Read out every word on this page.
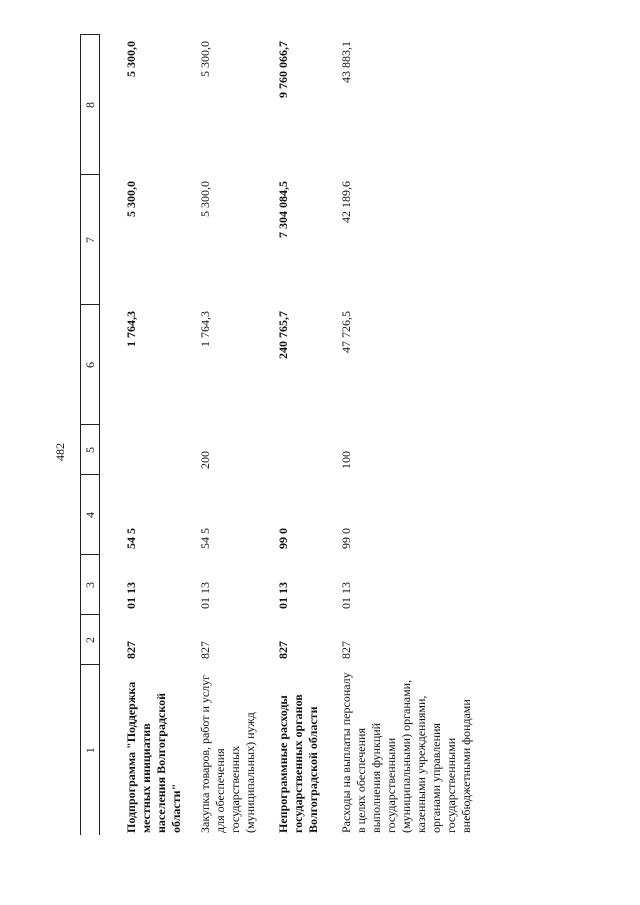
482
1	2	3	4	5	6	7	8
Подпрограмма "Поддержка местных инициатив населения Волгоградской области"	827	01 13	54 5		1 764,3	5 300,0	5 300,0
Закупка товаров, работ и услуг для обеспечения государственных (муниципальных) нужд	827	01 13	54 5	200	1 764,3	5 300,0	5 300,0
Непрограммные расходы государственных органов Волгоградской области	827	01 13	99 0		240 765,7	7 304 084,5	9 760 066,7
Расходы на выплаты персоналу в целях обеспечения выполнения функций государственными (муниципальными) органами, казенными учреждениями, органами управления государственными внебюджетными фондами	827	01 13	99 0	100	47 726,5	42 189,6	43 883,1
